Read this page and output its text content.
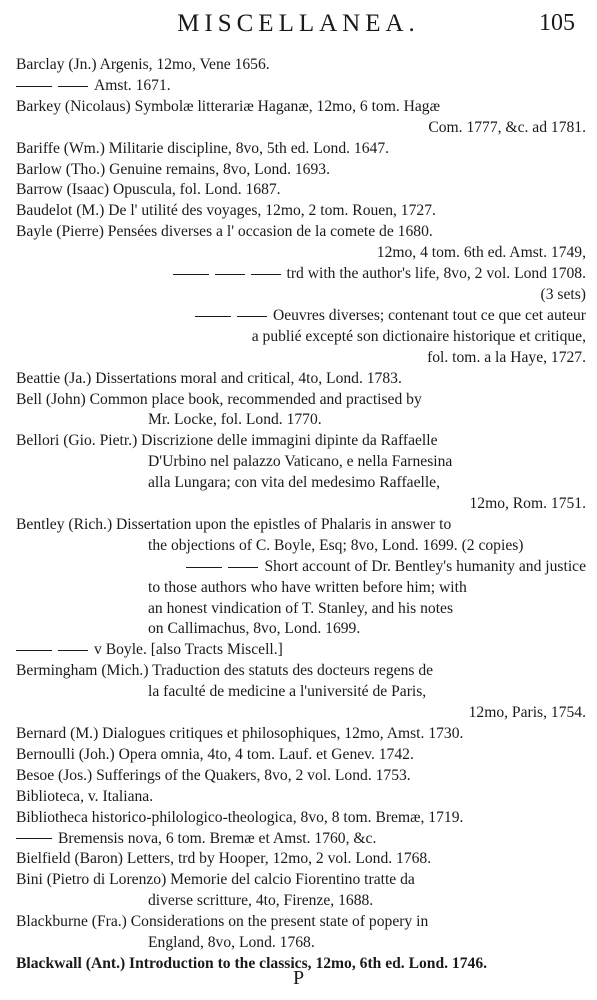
MISCELLANEA.	105
Barclay (Jn.) Argenis, 12mo, Vene 1656.
Amst. 1671.
Barkey (Nicolaus) Symbolæ litterariæ Haganæ, 12mo, 6 tom. Hagæ
Com. 1777, &c. ad 1781.
Bariffe (Wm.) Militarie discipline, 8vo, 5th ed. Lond. 1647.
Barlow (Tho.) Genuine remains, 8vo, Lond. 1693.
Barrow (Isaac) Opuscula, fol. Lond. 1687.
Baudelot (M.) De l' utilité des voyages, 12mo, 2 tom. Rouen, 1727.
Bayle (Pierre) Pensées diverses a l' occasion de la comete de 1680.
12mo, 4 tom. 6th ed. Amst. 1749,
trd with the author's life, 8vo, 2 vol. Lond 1708.
(3 sets)
Oeuvres diverses; contenant tout ce que cet auteur
a publié excepté son dictionaire historique et critique,
fol. tom. a la Haye, 1727.
Beattie (Ja.) Dissertations moral and critical, 4to, Lond. 1783.
Bell (John) Common place book, recommended and practised by
Mr. Locke, fol. Lond. 1770.
Bellori (Gio. Pietr.) Discrizione delle immagini dipinte da Raffaelle
D'Urbino nel palazzo Vaticano, e nella Farnesina
alla Lungara; con vita del medesimo Raffaelle,
12mo, Rom. 1751.
Bentley (Rich.) Dissertation upon the epistles of Phalaris in answer to
the objections of C. Boyle, Esq; 8vo, Lond. 1699. (2 copies)
Short account of Dr. Bentley's humanity and justice
to those authors who have written before him; with
an honest vindication of T. Stanley, and his notes
on Callimachus, 8vo, Lond. 1699.
v Boyle. [also Tracts Miscell.]
Bermingham (Mich.) Traduction des statuts des docteurs regens de
la faculté de medicine a l'université de Paris,
12mo, Paris, 1754.
Bernard (M.) Dialogues critiques et philosophiques, 12mo, Amst. 1730.
Bernoulli (Joh.) Opera omnia, 4to, 4 tom. Lauf. et Genev. 1742.
Besoe (Jos.) Sufferings of the Quakers, 8vo, 2 vol. Lond. 1753.
Biblioteca, v. Italiana.
Bibliotheca historico-philologico-theologica, 8vo, 8 tom. Bremæ, 1719.
Bremensis nova, 6 tom. Bremæ et Amst. 1760, &c.
Bielfield (Baron) Letters, trd by Hooper, 12mo, 2 vol. Lond. 1768.
Bini (Pietro di Lorenzo) Memorie del calcio Fiorentino tratte da
diverse scritture, 4to, Firenze, 1688.
Blackburne (Fra.) Considerations on the present state of popery in
England, 8vo, Lond. 1768.
Blackwall (Ant.) Introduction to the classics, 12mo, 6th ed. Lond. 1746.
P
